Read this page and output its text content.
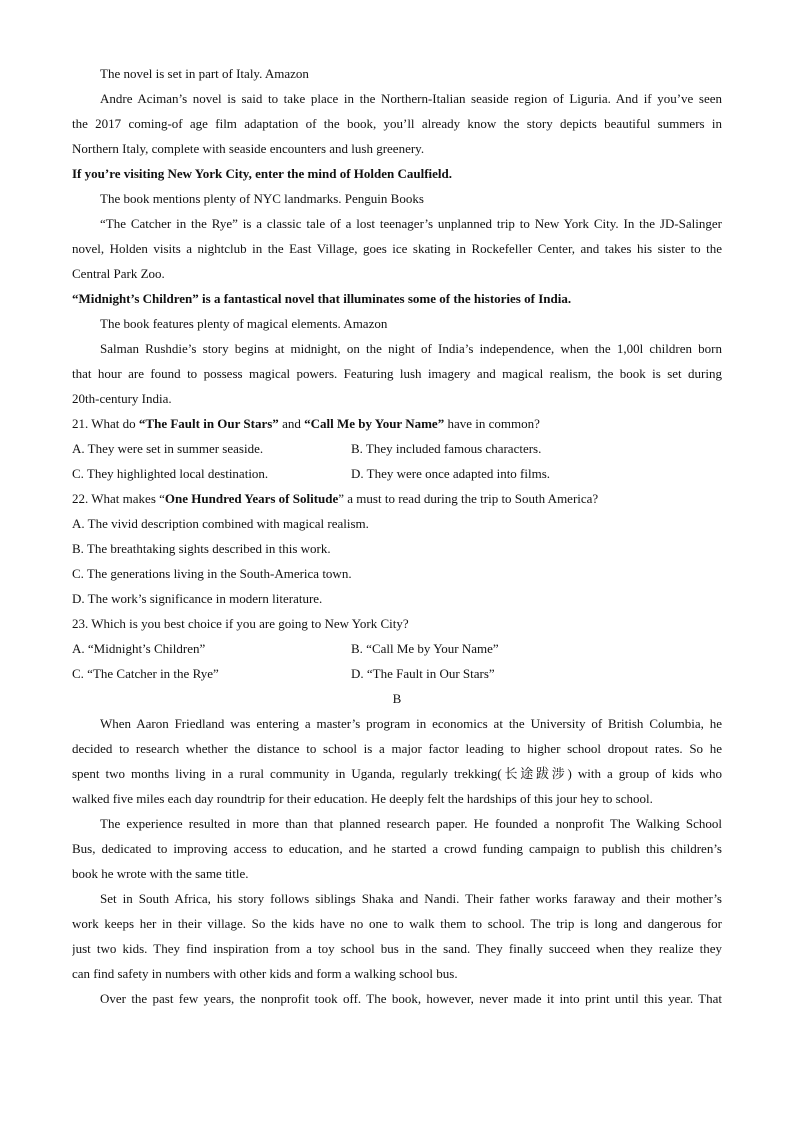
The novel is set in part of Italy. Amazon
Andre Aciman’s novel is said to take place in the Northern-Italian seaside region of Liguria. And if you’ve seen
the 2017 coming-of age film adaptation of the book, you’ll already know the story depicts beautiful summers in
Northern Italy, complete with seaside encounters and lush greenery.
If you’re visiting New York City, enter the mind of Holden Caulfield.
The book mentions plenty of NYC landmarks. Penguin Books
“The Catcher in the Rye” is a classic tale of a lost teenager’s unplanned trip to New York City. In the JD-Salinger
novel, Holden visits a nightclub in the East Village, goes ice skating in Rockefeller Center, and takes his sister to the
Central Park Zoo.
“Midnight’s Children” is a fantastical novel that illuminates some of the histories of India.
The book features plenty of magical elements. Amazon
Salman Rushdie’s story begins at midnight, on the night of India’s independence, when the 1,00l children born
that hour are found to possess magical powers. Featuring lush imagery and magical realism, the book is set during
20th-century India.
21. What do “The Fault in Our Stars” and “Call Me by Your Name” have in common?
A. They were set in summer seaside.	B. They included famous characters.
C. They highlighted local destination.	D. They were once adapted into films.
22. What makes “One Hundred Years of Solitude” a must to read during the trip to South America?
A. The vivid description combined with magical realism.
B. The breathtaking sights described in this work.
C. The generations living in the South-America town.
D. The work’s significance in modern literature.
23. Which is you best choice if you are going to New York City?
A. “Midnight’s Children”	B. “Call Me by Your Name”
C. “The Catcher in the Rye”	D. “The Fault in Our Stars”
B
When Aaron Friedland was entering a master’s program in economics at the University of British Columbia, he
decided to research whether the distance to school is a major factor leading to higher school dropout rates. So he
spent two months living in a rural community in Uganda, regularly trekking(长途跋涉) with a group of kids who
walked five miles each day roundtrip for their education. He deeply felt the hardships of this jour hey to school.
The experience resulted in more than that planned research paper. He founded a nonprofit The Walking School
Bus, dedicated to improving access to education, and he started a crowd funding campaign to publish this children’s
book he wrote with the same title.
Set in South Africa, his story follows siblings Shaka and Nandi. Their father works faraway and their mother’s
work keeps her in their village. So the kids have no one to walk them to school. The trip is long and dangerous for
just two kids. They find inspiration from a toy school bus in the sand. They finally succeed when they realize they
can find safety in numbers with other kids and form a walking school bus.
Over the past few years, the nonprofit took off. The book, however, never made it into print until this year. That
